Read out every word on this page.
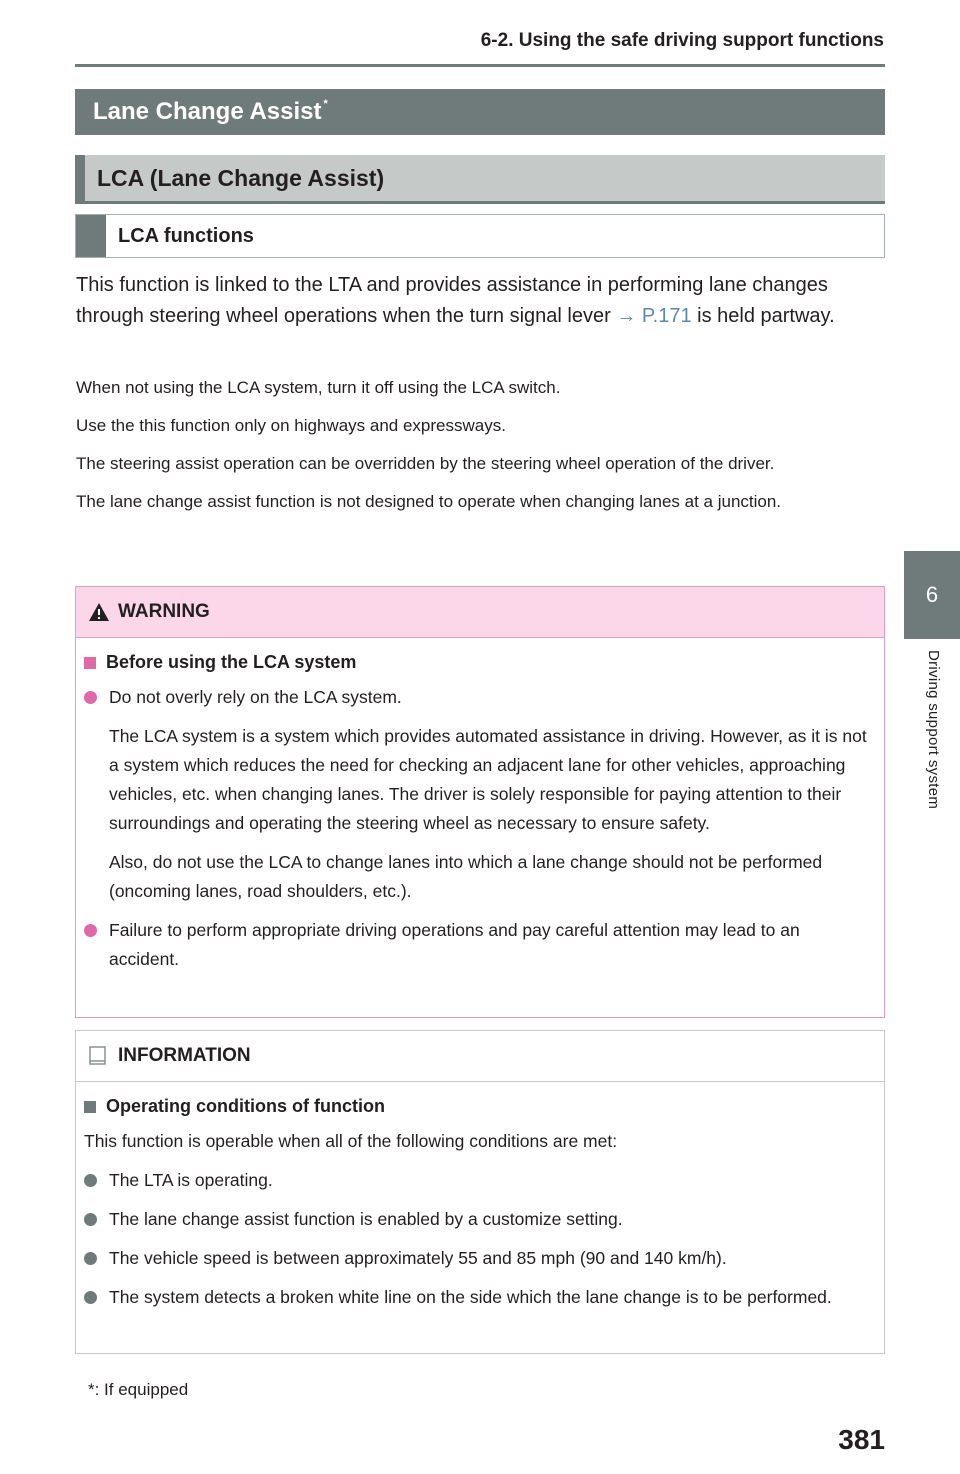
6-2. Using the safe driving support functions
6
Driving support system
Lane Change Assist*
LCA (Lane Change Assist)
LCA functions
This function is linked to the LTA and provides assistance in performing lane changes through steering wheel operations when the turn signal lever → P.171 is held partway.

When not using the LCA system, turn it off using the LCA switch.

Use the this function only on highways and expressways.

The steering assist operation can be overridden by the steering wheel operation of the driver.

The lane change assist function is not designed to operate when changing lanes at a junction.

WARNING
Before using the LCA system
Do not overly rely on the LCA system.
The LCA system is a system which provides automated assistance in driving. However, as it is not a system which reduces the need for checking an adjacent lane for other vehicles, approaching vehicles, etc. when changing lanes. The driver is solely responsible for paying attention to their surroundings and operating the steering wheel as necessary to ensure safety.
Also, do not use the LCA to change lanes into which a lane change should not be performed (oncoming lanes, road shoulders, etc.).
Failure to perform appropriate driving operations and pay careful attention may lead to an accident.
INFORMATION
Operating conditions of function
This function is operable when all of the following conditions are met:
The LTA is operating.
The lane change assist function is enabled by a customize setting.
The vehicle speed is between approximately 55 and 85 mph (90 and 140 km/h).
The system detects a broken white line on the side which the lane change is to be performed.
*: If equipped
381
